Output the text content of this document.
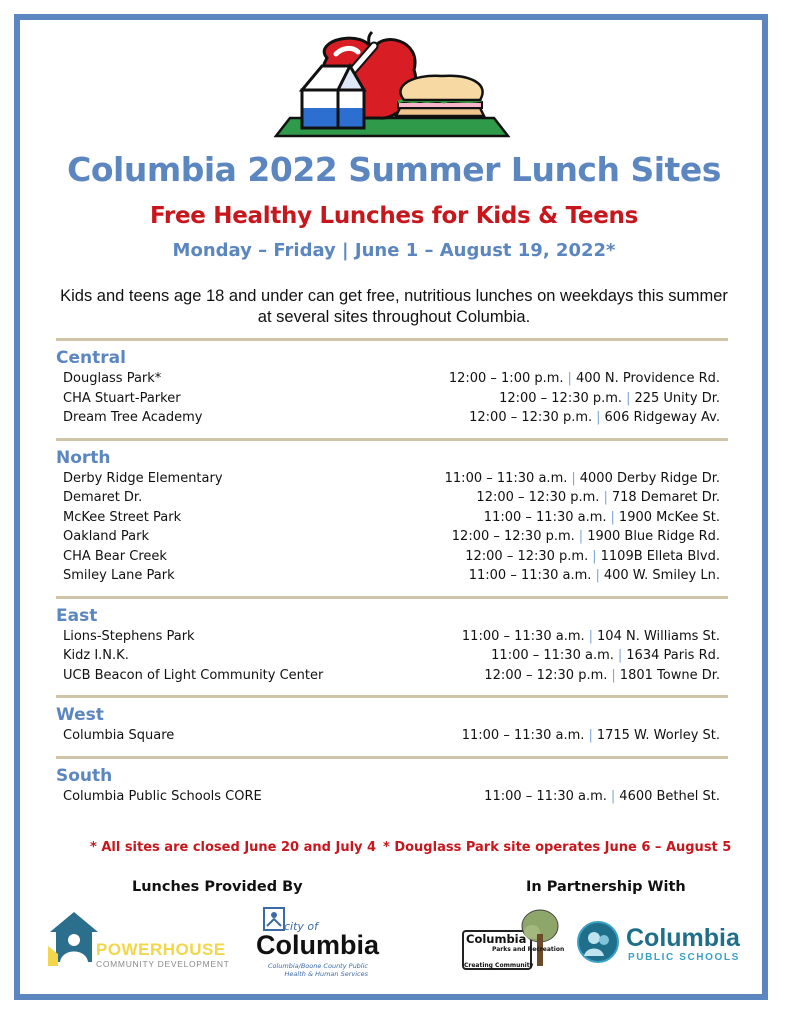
Columbia 2022 Summer Lunch Sites
Free Healthy Lunches for Kids & Teens
Monday – Friday | June 1 – August 19, 2022*
Kids and teens age 18 and under can get free, nutritious lunches on weekdays this summer at several sites throughout Columbia.
Central
Douglass Park*	12:00 – 1:00 p.m. | 400 N. Providence Rd.
CHA Stuart-Parker	12:00 – 12:30 p.m. | 225 Unity Dr.
Dream Tree Academy	12:00 – 12:30 p.m. | 606 Ridgeway Av.
North
Derby Ridge Elementary	11:00 – 11:30 a.m. | 4000 Derby Ridge Dr.
Demaret Dr.	12:00 – 12:30 p.m. | 718 Demaret Dr.
McKee Street Park	11:00 – 11:30 a.m. | 1900 McKee St.
Oakland Park	12:00 – 12:30 p.m. | 1900 Blue Ridge Rd.
CHA Bear Creek	12:00 – 12:30 p.m. | 1109B Elleta Blvd.
Smiley Lane Park	11:00 – 11:30 a.m. | 400 W. Smiley Ln.
East
Lions-Stephens Park	11:00 – 11:30 a.m. | 104 N. Williams St.
Kidz I.N.K.	11:00 – 11:30 a.m. | 1634 Paris Rd.
UCB Beacon of Light Community Center	12:00 – 12:30 p.m. | 1801 Towne Dr.
West
Columbia Square	11:00 – 11:30 a.m. | 1715 W. Worley St.
South
Columbia Public Schools CORE	11:00 – 11:30 a.m. | 4600 Bethel St.
* All sites are closed June 20 and July 4 * Douglass Park site operates June 6 – August 5
Lunches Provided By	In Partnership With
POWERHOUSE
COMMUNITY DEVELOPMENT
city of
Columbia
Columbia/Boone County Public Health & Human Services
Columbia
Parks and Recreation
Creating Community
Columbia
PUBLIC SCHOOLS
